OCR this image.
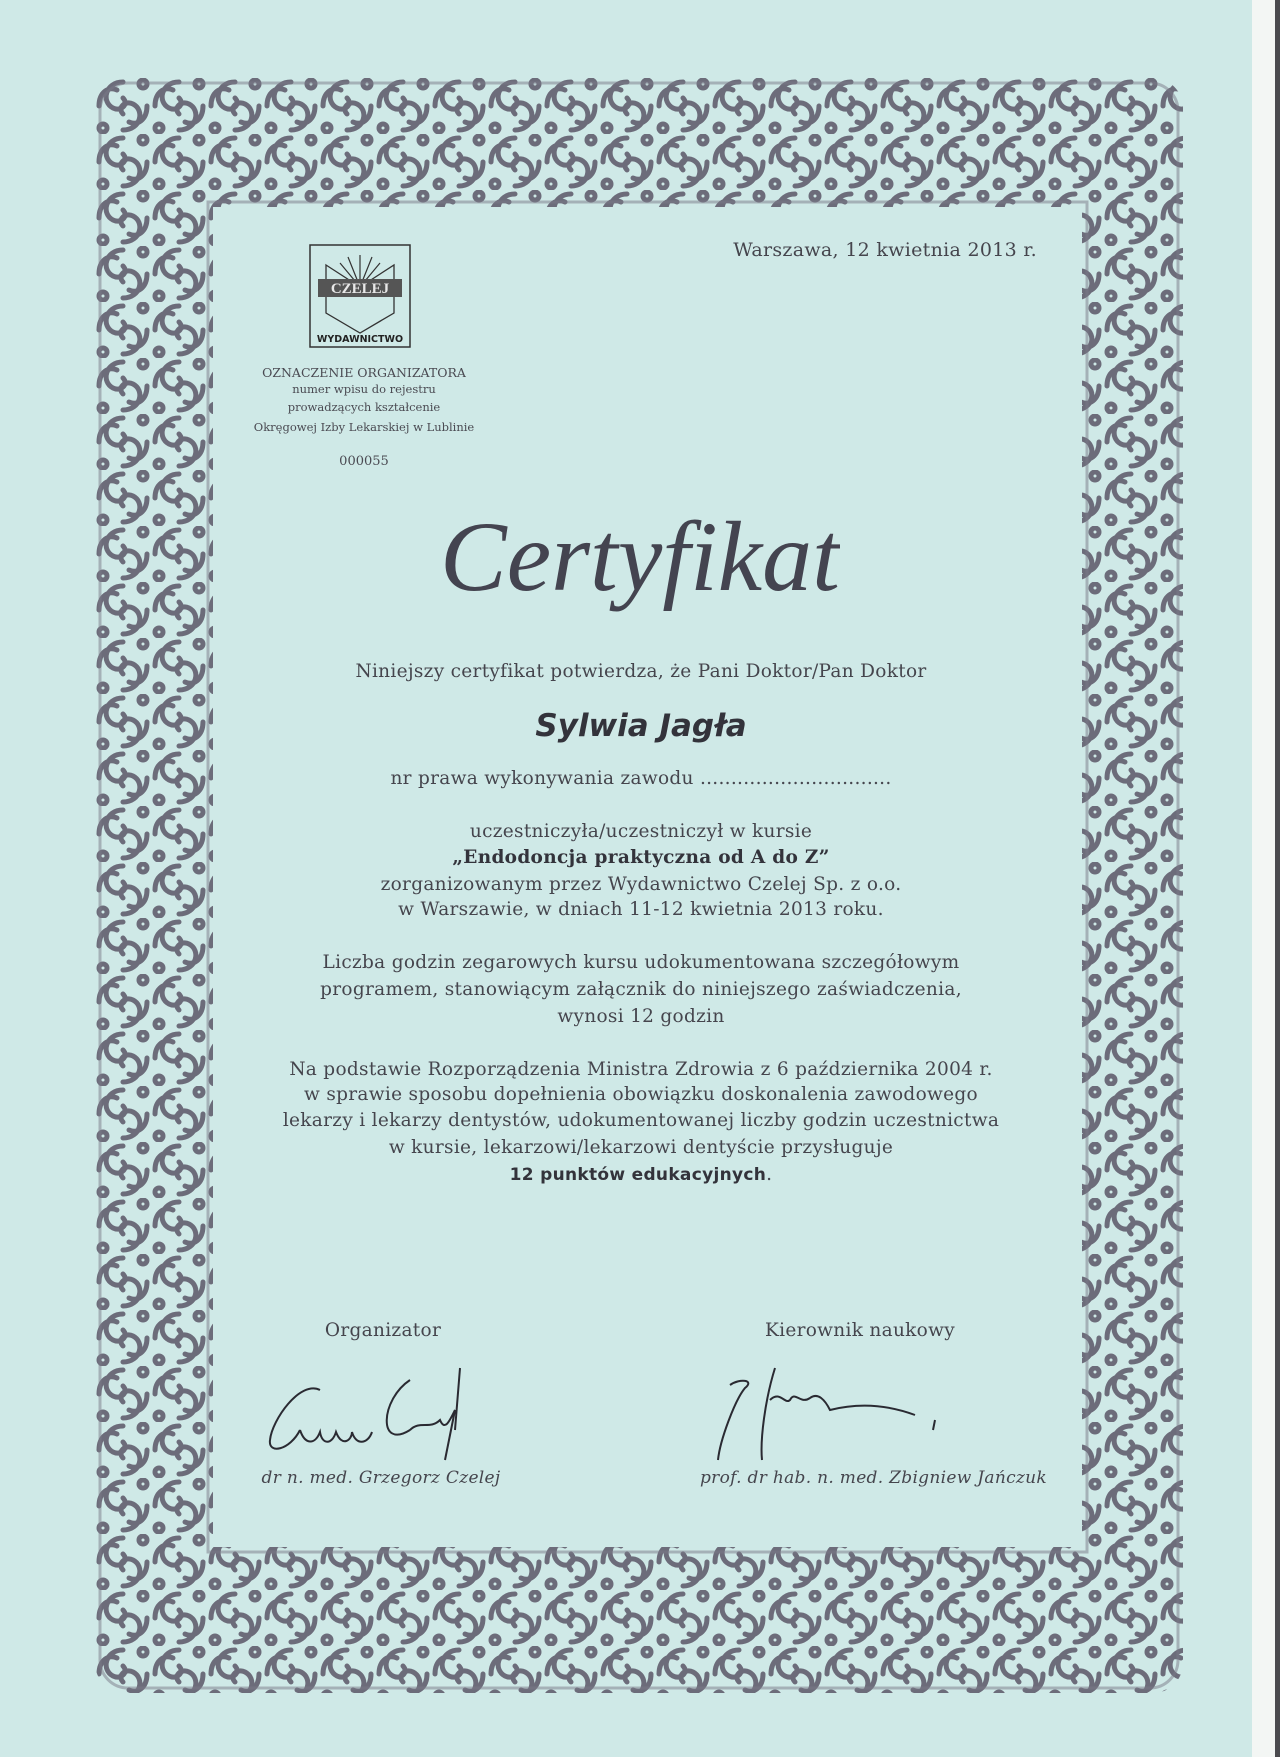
Warszawa, 12 kwietnia 2013 r.
CZELEJ
WYDAWNICTWO
OZNACZENIE ORGANIZATORA
numer wpisu do rejestru
prowadzących kształcenie
Okręgowej Izby Lekarskiej w Lublinie
000055
Certyfikat
Niniejszy certyfikat potwierdza, że Pani Doktor/Pan Doktor
Sylwia Jagła
nr prawa wykonywania zawodu ...............................
uczestniczyła/uczestniczył w kursie
„Endodoncja praktyczna od A do Z”
zorganizowanym przez Wydawnictwo Czelej Sp. z o.o.
w Warszawie, w dniach 11-12 kwietnia 2013 roku.
Liczba godzin zegarowych kursu udokumentowana szczegółowym
programem, stanowiącym załącznik do niniejszego zaświadczenia,
wynosi 12 godzin
Na podstawie Rozporządzenia Ministra Zdrowia z 6 października 2004 r.
w sprawie sposobu dopełnienia obowiązku doskonalenia zawodowego
lekarzy i lekarzy dentystów, udokumentowanej liczby godzin uczestnictwa
w kursie, lekarzowi/lekarzowi dentyście przysługuje
12 punktów edukacyjnych.
Organizator	Kierownik naukowy
dr n. med. Grzegorz Czelej	prof. dr hab. n. med. Zbigniew Jańczuk
